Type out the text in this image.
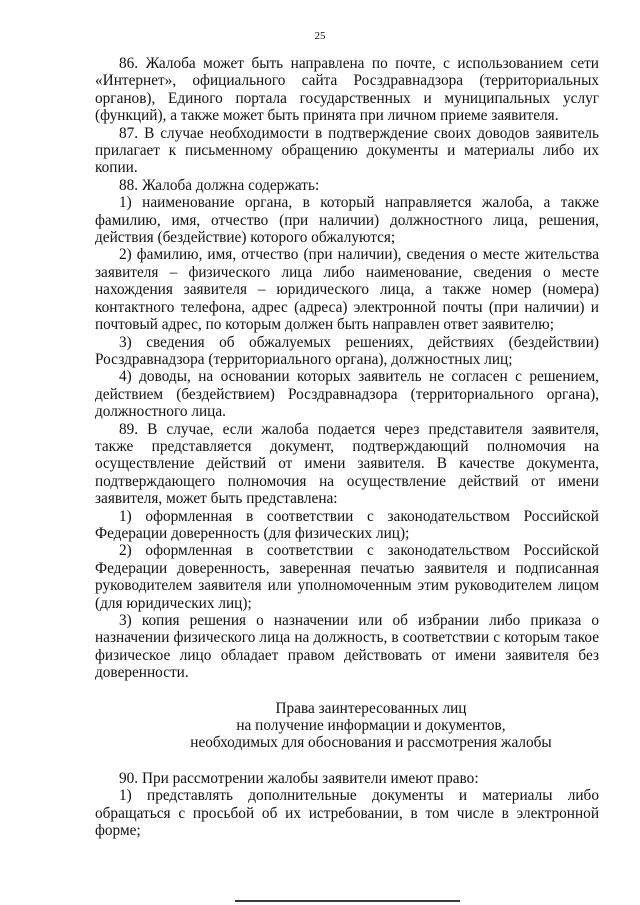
25

86. Жалоба может быть направлена по почте, с использованием сети «Интернет», официального сайта Росздравнадзора (территориальных органов), Единого портала государственных и муниципальных услуг (функций), а также может быть принята при личном приеме заявителя.

87. В случае необходимости в подтверждение своих доводов заявитель прилагает к письменному обращению документы и материалы либо их копии.

88. Жалоба должна содержать:

1) наименование органа, в который направляется жалоба, а также фамилию, имя, отчество (при наличии) должностного лица, решения, действия (бездействие) которого обжалуются;

2) фамилию, имя, отчество (при наличии), сведения о месте жительства заявителя – физического лица либо наименование, сведения о месте нахождения заявителя – юридического лица, а также номер (номера) контактного телефона, адрес (адреса) электронной почты (при наличии) и почтовый адрес, по которым должен быть направлен ответ заявителю;

3) сведения об обжалуемых решениях, действиях (бездействии) Росздравнадзора (территориального органа), должностных лиц;

4) доводы, на основании которых заявитель не согласен с решением, действием (бездействием) Росздравнадзора (территориального органа), должностного лица.

89. В случае, если жалоба подается через представителя заявителя, также представляется документ, подтверждающий полномочия на осуществление действий от имени заявителя. В качестве документа, подтверждающего полномочия на осуществление действий от имени заявителя, может быть представлена:

1) оформленная в соответствии с законодательством Российской Федерации доверенность (для физических лиц);

2) оформленная в соответствии с законодательством Российской Федерации доверенность, заверенная печатью заявителя и подписанная руководителем заявителя или уполномоченным этим руководителем лицом (для юридических лиц);

3) копия решения о назначении или об избрании либо приказа о назначении физического лица на должность, в соответствии с которым такое физическое лицо обладает правом действовать от имени заявителя без доверенности.

Права заинтересованных лиц

на получение информации и документов,

необходимых для обоснования и рассмотрения жалобы

90. При рассмотрении жалобы заявители имеют право:

1) представлять дополнительные документы и материалы либо обращаться с просьбой об их истребовании, в том числе в электронной форме;
